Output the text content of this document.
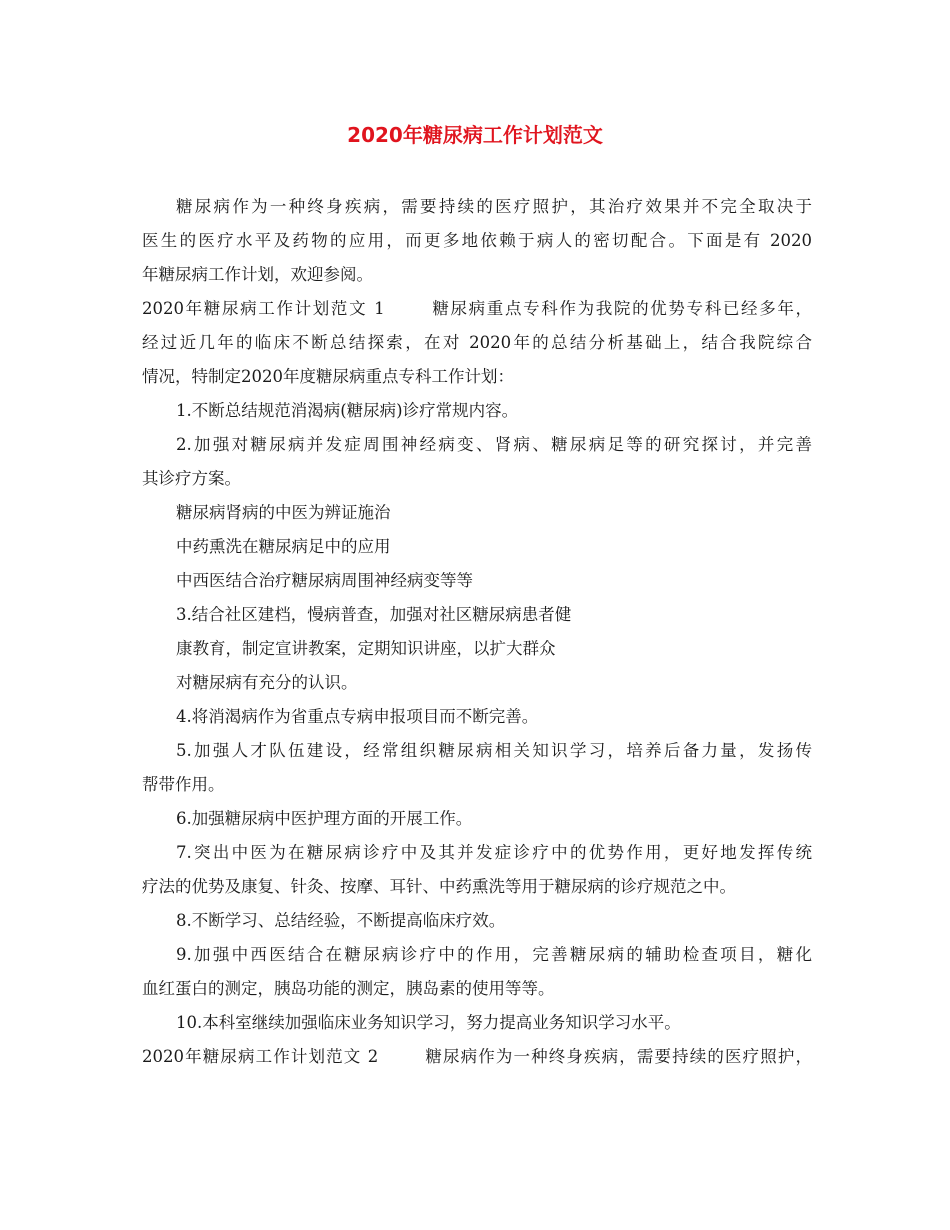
2020年糖尿病工作计划范文
糖尿病作为一种终身疾病，需要持续的医疗照护，其治疗效果并不完全取决于
医生的医疗水平及药物的应用，而更多地依赖于病人的密切配合。下面是有 2020
年糖尿病工作计划，欢迎参阅。
2020年糖尿病工作计划范文 1	糖尿病重点专科作为我院的优势专科已经多年，
经过近几年的临床不断总结探索，在对 2020年的总结分析基础上，结合我院综合
情况，特制定2020年度糖尿病重点专科工作计划：
1.不断总结规范消渴病(糖尿病)诊疗常规内容。
2.加强对糖尿病并发症周围神经病变、肾病、糖尿病足等的研究探讨，并完善
其诊疗方案。
糖尿病肾病的中医为辨证施治
中药熏洗在糖尿病足中的应用
中西医结合治疗糖尿病周围神经病变等等
3.结合社区建档，慢病普查，加强对社区糖尿病患者健
康教育，制定宣讲教案，定期知识讲座，以扩大群众
对糖尿病有充分的认识。
4.将消渴病作为省重点专病申报项目而不断完善。
5.加强人才队伍建设，经常组织糖尿病相关知识学习，培养后备力量，发扬传
帮带作用。
6.加强糖尿病中医护理方面的开展工作。
7.突出中医为在糖尿病诊疗中及其并发症诊疗中的优势作用，更好地发挥传统
疗法的优势及康复、针灸、按摩、耳针、中药熏洗等用于糖尿病的诊疗规范之中。
8.不断学习、总结经验，不断提高临床疗效。
9.加强中西医结合在糖尿病诊疗中的作用，完善糖尿病的辅助检查项目，糖化
血红蛋白的测定，胰岛功能的测定，胰岛素的使用等等。
10.本科室继续加强临床业务知识学习，努力提高业务知识学习水平。
2020年糖尿病工作计划范文 2	糖尿病作为一种终身疾病，需要持续的医疗照护，
